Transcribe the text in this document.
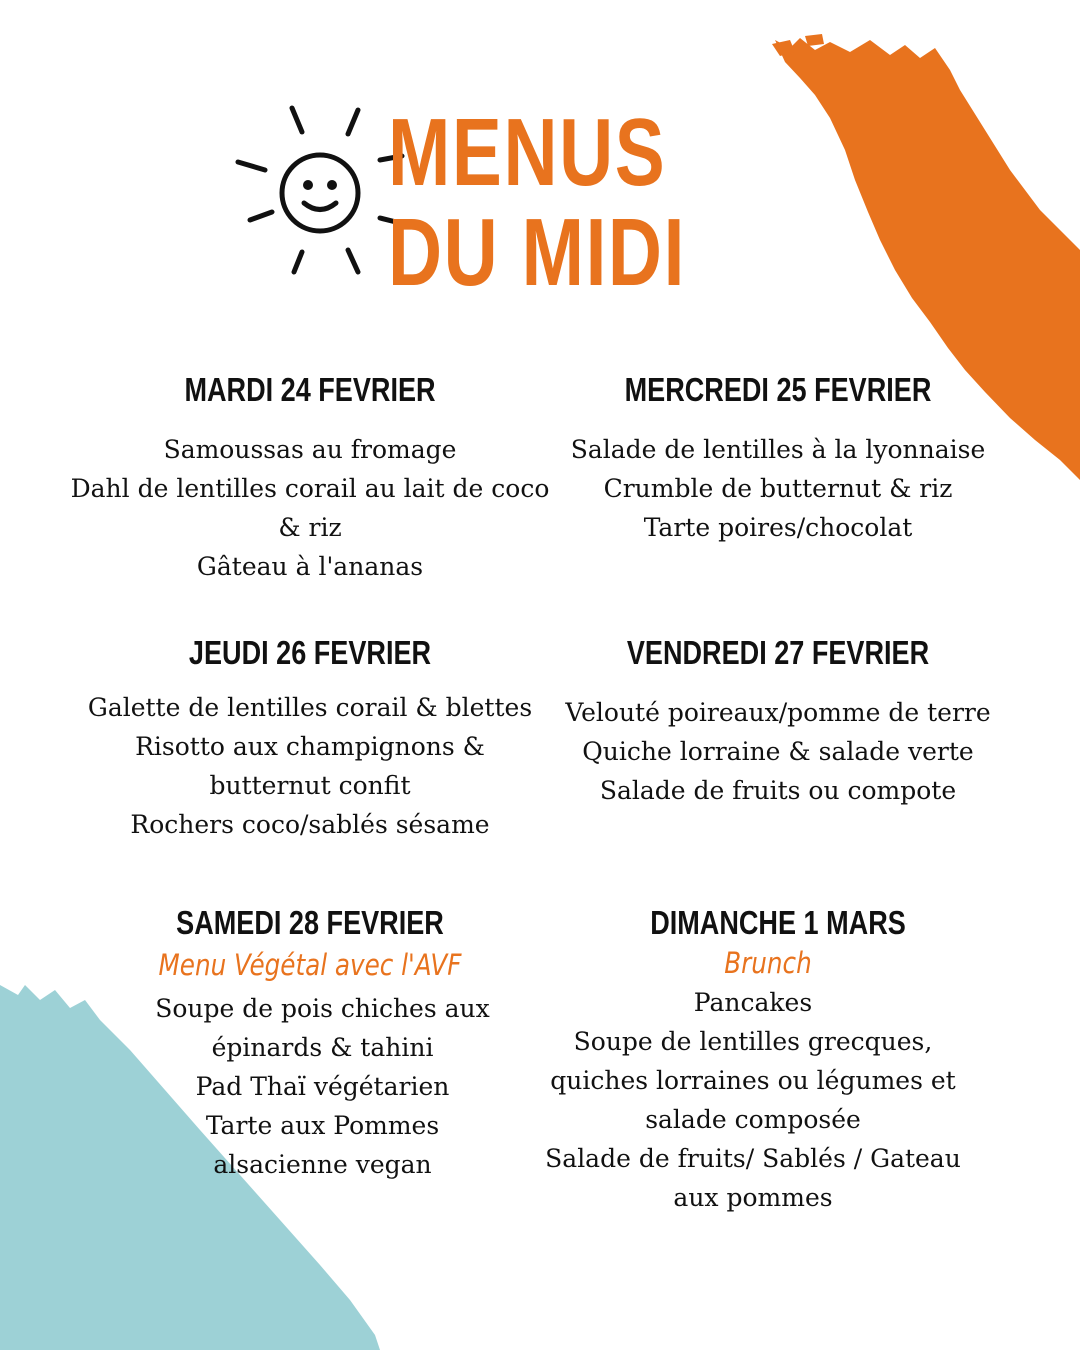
MENUS
DU MIDI
MARDI 24 FEVRIER
Samoussas au fromage
Dahl de lentilles corail au lait de coco
& riz
Gâteau à l'ananas
MERCREDI 25 FEVRIER
Salade de lentilles à la lyonnaise
Crumble de butternut & riz
Tarte poires/chocolat
JEUDI 26 FEVRIER
Galette de lentilles corail & blettes
Risotto aux champignons &
butternut confit
Rochers coco/sablés sésame
VENDREDI 27 FEVRIER
Velouté poireaux/pomme de terre
Quiche lorraine & salade verte
Salade de fruits ou compote
SAMEDI 28 FEVRIER

Menu Végétal avec l'AVF

Soupe de pois chiches aux
épinards & tahini
Pad Thaï végétarien
Tarte aux Pommes
alsacienne vegan
DIMANCHE 1 MARS

Brunch

Pancakes
Soupe de lentilles grecques,
quiches lorraines ou légumes et
salade composée
Salade de fruits/ Sablés / Gateau
aux pommes
